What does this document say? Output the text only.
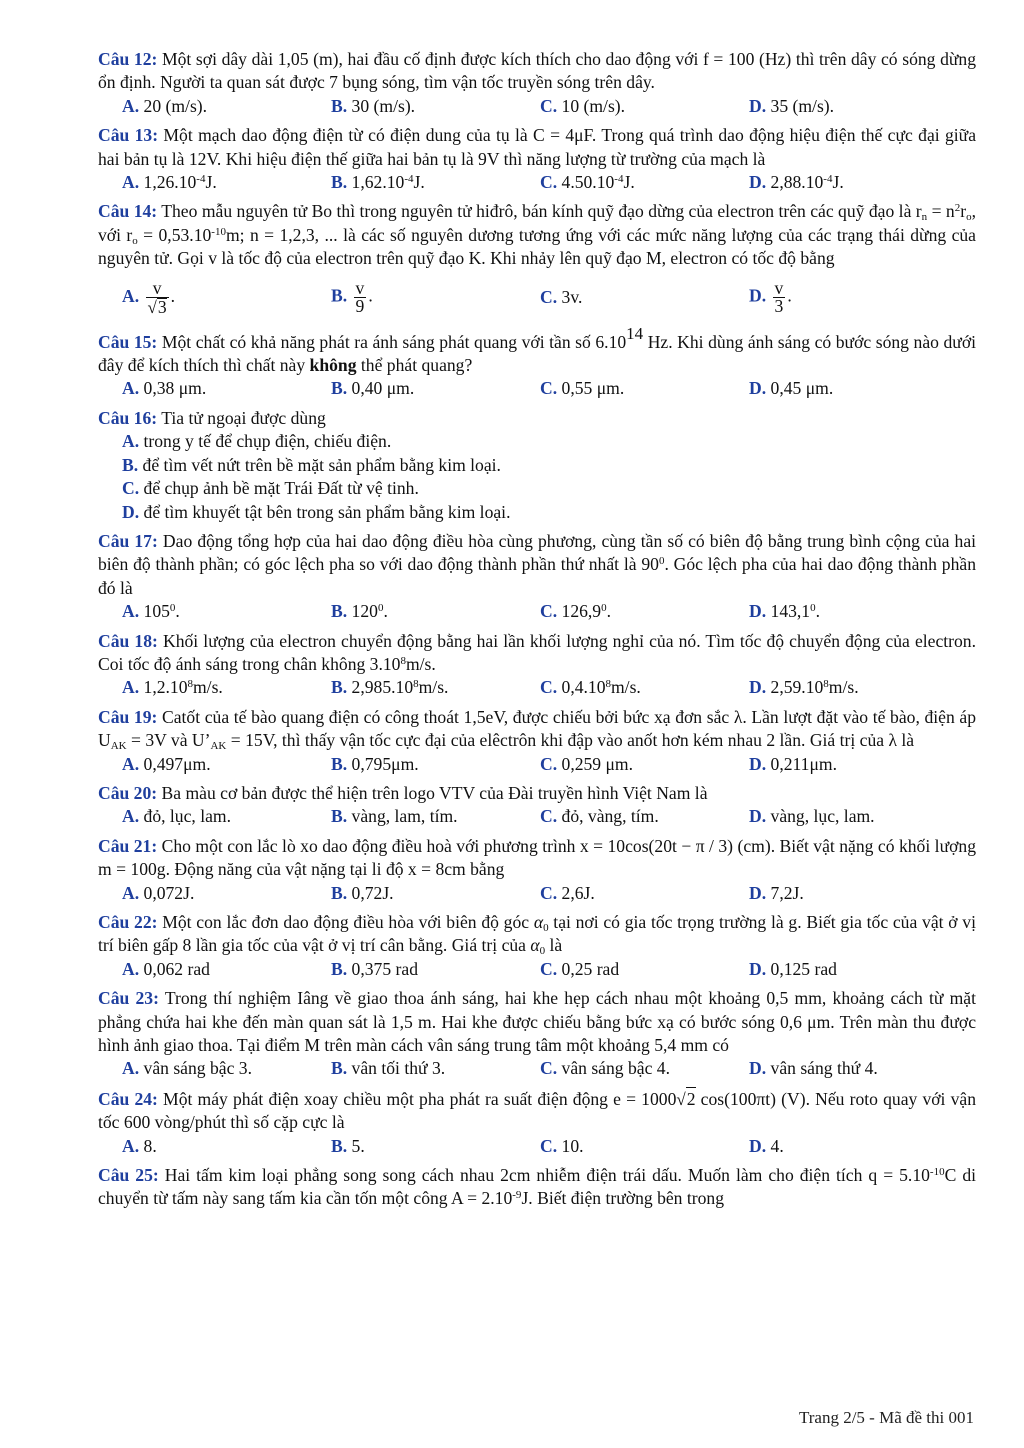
Câu 12: Một sợi dây dài 1,05 (m), hai đầu cố định được kích thích cho dao động với f = 100 (Hz) thì trên dây có sóng dừng ổn định. Người ta quan sát được 7 bụng sóng, tìm vận tốc truyền sóng trên dây.
A. 20 (m/s).	B. 30 (m/s).	C. 10 (m/s).	D. 35 (m/s).
Câu 13: Một mạch dao động điện từ có điện dung của tụ là C = 4μF. Trong quá trình dao động hiệu điện thế cực đại giữa hai bản tụ là 12V. Khi hiệu điện thế giữa hai bản tụ là 9V thì năng lượng từ trường của mạch là
A. $1,26.10^{-4}J$.	B. $1,62.10^{-4}J$.	C. $4.50.10^{-4}J$.	D. $2,88.10^{-4}J$.
Câu 14: Theo mẫu nguyên tử Bo thì trong nguyên tử hiđrô, bán kính quỹ đạo dừng của electron trên các quỹ đạo là $r_n = n^2r_o$, với $r_o = 0,53.10^{-10}m$; n = 1,2,3, ... là các số nguyên dương tương ứng với các mức năng lượng của các trạng thái dừng của nguyên tử. Gọi v là tốc độ của electron trên quỹ đạo K. Khi nhảy lên quỹ đạo M, electron có tốc độ bằng
A. $\frac{v}{√3}$ .	B. $\frac{v}{9}$ .	C. 3v.	D. $\frac{v}{3}$ .
Câu 15: Một chất có khả năng phát ra ánh sáng phát quang với tần số 6.10$^{14}$ Hz. Khi dùng ánh sáng có bước sóng nào dưới đây để kích thích thì chất này không thể phát quang?
A. 0,38 μm.	B. 0,40 μm.	C. 0,55 μm.	D. 0,45 μm.
Câu 16: Tia tử ngoại được dùng
A. trong y tế để chụp điện, chiếu điện.
B. để tìm vết nứt trên bề mặt sản phẩm bằng kim loại.
C. để chụp ảnh bề mặt Trái Đất từ vệ tinh.
D. để tìm khuyết tật bên trong sản phẩm bằng kim loại.
Câu 17: Dao động tổng hợp của hai dao động điều hòa cùng phương, cùng tần số có biên độ bằng trung bình cộng của hai biên độ thành phần; có góc lệch pha so với dao động thành phần thứ nhất là $90^0$. Góc lệch pha của hai dao động thành phần đó là
A. $105^0$.	B. $120^0$.	C. 126,9$^0$.	D. 143,1$^0$.
Câu 18: Khối lượng của electron chuyển động bằng hai lần khối lượng nghỉ của nó. Tìm tốc độ chuyển động của electron. Coi tốc độ ánh sáng trong chân không 3.10$^8$m/s.
A. 1,2.10$^8$m/s.	B. 2,985.10$^8$m/s.	C. 0,4.10$^8$m/s.	D. 2,59.10$^8$m/s.
Câu 19: Catốt của tế bào quang điện có công thoát 1,5eV, được chiếu bởi bức xạ đơn sắc λ. Lần lượt đặt vào tế bào, điện áp $U_{AK} = 3V$ và $U’_{AK} = 15V$, thì thấy vận tốc cực đại của elêctrôn khi đập vào anốt hơn kém nhau 2 lần. Giá trị của λ là
A. 0,497μm.	B. 0,795μm.	C. 0,259 μm.	D. 0,211μm.
Câu 20: Ba màu cơ bản được thể hiện trên logo VTV của Đài truyền hình Việt Nam là
A. đỏ, lục, lam.	B. vàng, lam, tím.	C. đỏ, vàng, tím.	D. vàng, lục, lam.
Câu 21: Cho một con lắc lò xo dao động điều hoà với phương trình x = 10cos(20t − π / 3) (cm). Biết vật nặng có khối lượng m = 100g. Động năng của vật nặng tại li độ x = 8cm bằng
A. 0,072J.	B. 0,72J.	C. 2,6J.	D. 7,2J.
Câu 22: Một con lắc đơn dao động điều hòa với biên độ góc $\alpha_0$ tại nơi có gia tốc trọng trường là g. Biết gia tốc của vật ở vị trí biên gấp 8 lần gia tốc của vật ở vị trí cân bằng. Giá trị của $\alpha_0$ là
A. 0,062 rad	B. 0,375 rad	C. 0,25 rad	D. 0,125 rad
Câu 23: Trong thí nghiệm Iâng về giao thoa ánh sáng, hai khe hẹp cách nhau một khoảng 0,5 mm, khoảng cách từ mặt phẳng chứa hai khe đến màn quan sát là 1,5 m. Hai khe được chiếu bằng bức xạ có bước sóng 0,6 μm. Trên màn thu được hình ảnh giao thoa. Tại điểm M trên màn cách vân sáng trung tâm một khoảng 5,4 mm có
A. vân sáng bậc 3.	B. vân tối thứ 3.	C. vân sáng bậc 4.	D. vân sáng thứ 4.
Câu 24: Một máy phát điện xoay chiều một pha phát ra suất điện động e = 1000√2 cos(100πt) (V). Nếu roto quay với vận tốc 600 vòng/phút thì số cặp cực là
A. 8.	B. 5.	C. 10.	D. 4.
Câu 25: Hai tấm kim loại phẳng song song cách nhau 2cm nhiễm điện trái dấu. Muốn làm cho điện tích $q = 5.10^{-10}C$ di chuyển từ tấm này sang tấm kia cần tốn một công $A = 2.10^{-9}J$. Biết điện trường bên trong
Trang 2/5 - Mã đề thi 001
